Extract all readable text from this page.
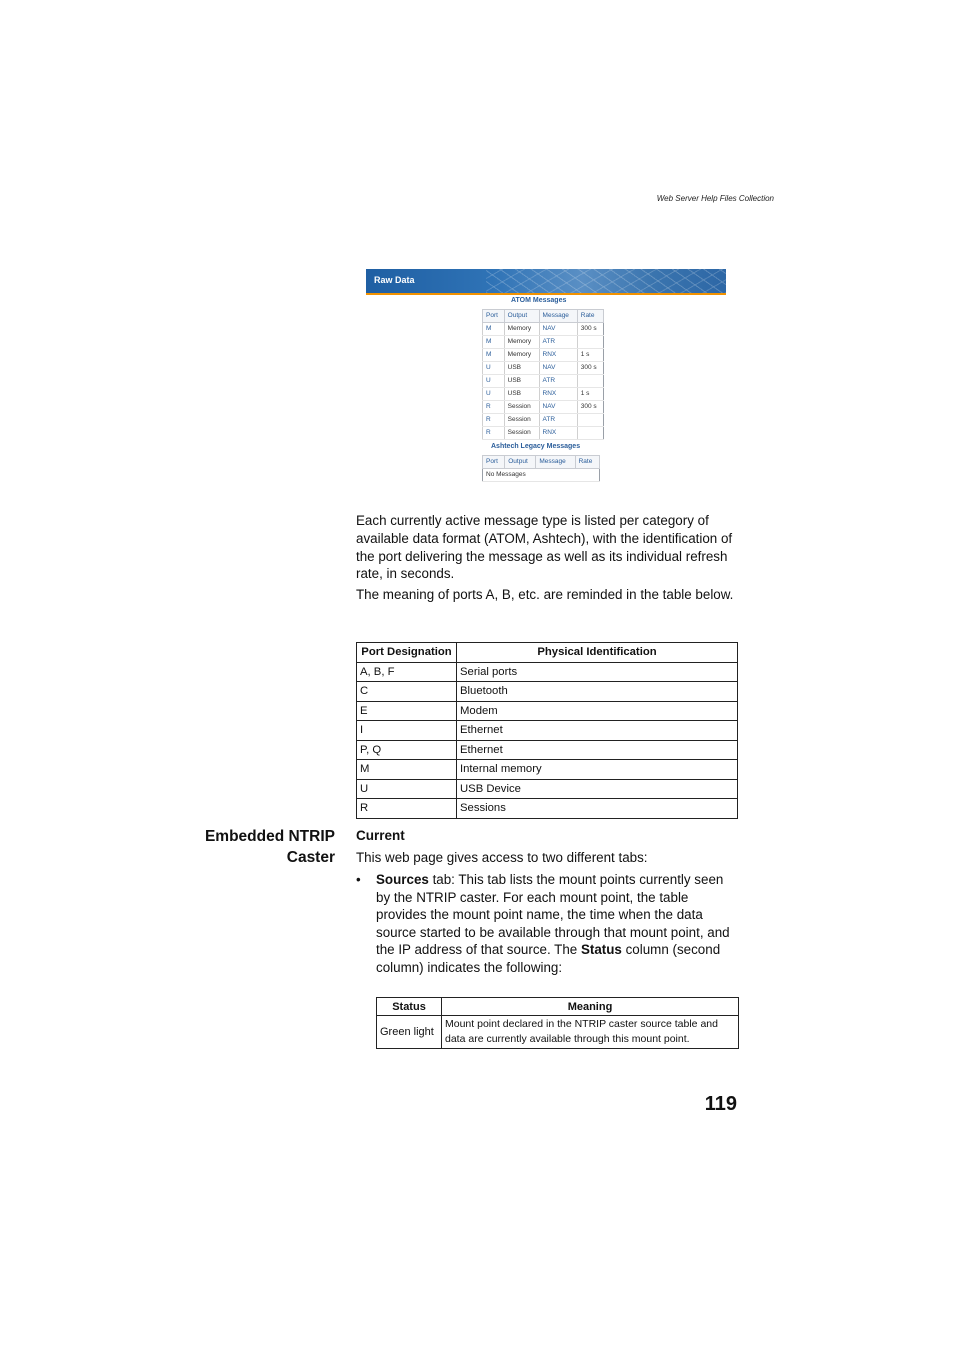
Web Server Help Files Collection
Raw Data
ATOM Messages
Port	Output	Message	Rate
M	Memory	NAV	300 s
M	Memory	ATR	
M	Memory	RNX	1 s
U	USB	NAV	300 s
U	USB	ATR	
U	USB	RNX	1 s
R	Session	NAV	300 s
R	Session	ATR	
R	Session	RNX	
Ashtech Legacy Messages
Port	Output	Message	Rate
No Messages

Each currently active message type is listed per category of available data format (ATOM, Ashtech), with the identification of the port delivering the message as well as its individual refresh rate, in seconds.

The meaning of ports A, B, etc. are reminded in the table below.

Port Designation	Physical Identification
A, B, F	Serial ports
C	Bluetooth
E	Modem
I	Ethernet
P, Q	Ethernet
M	Internal memory
U	USB Device
R	Sessions
Embedded NTRIP
Caster
Current
This web page gives access to two different tabs:
• Sources tab: This tab lists the mount points currently seen by the NTRIP caster. For each mount point, the table provides the mount point name, the time when the data source started to be available through that mount point, and the IP address of that source. The Status column (second column) indicates the following:
Status	Meaning
Green light	Mount point declared in the NTRIP caster source table and data are currently available through this mount point.
119
